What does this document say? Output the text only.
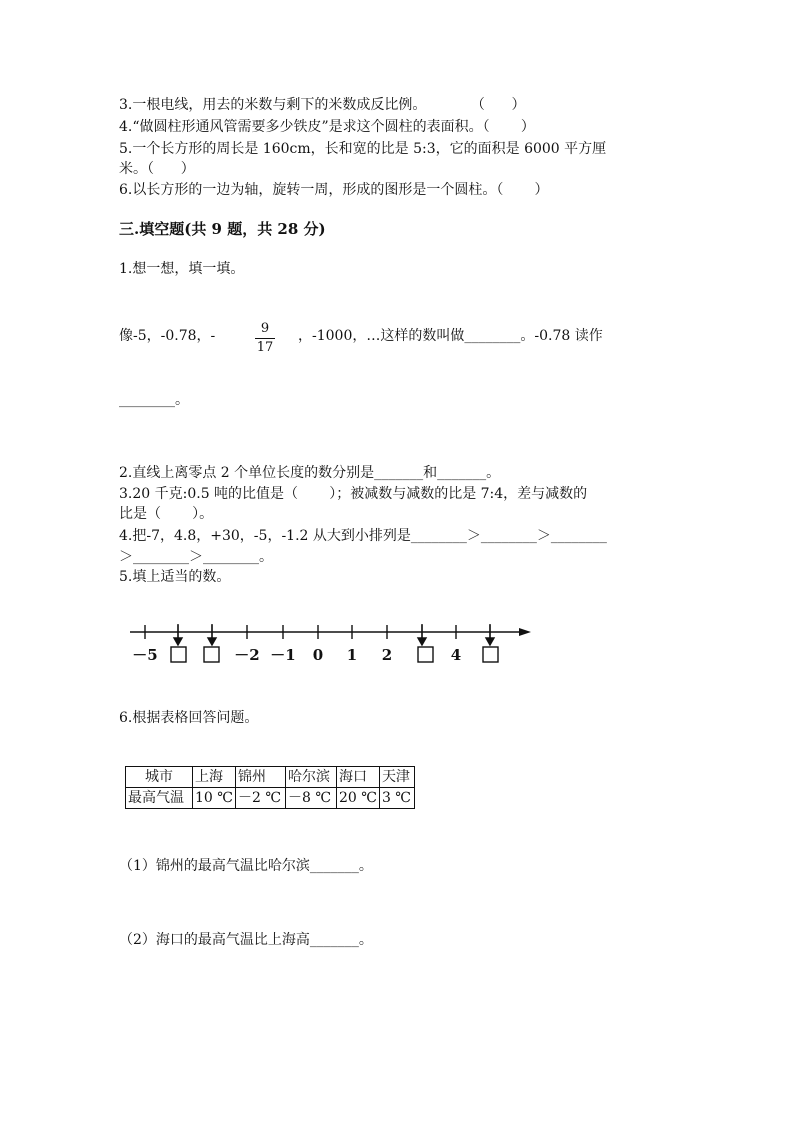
3.一根电线，用去的米数与剩下的米数成反比例。          （      ）
4.“做圆柱形通风管需要多少铁皮”是求这个圆柱的表面积。（       ）
5.一个长方形的周长是 160cm，长和宽的比是 5:3，它的面积是 6000 平方厘
米。（      ）
6.以长方形的一边为轴，旋转一周，形成的图形是一个圆柱。（       ）
三.填空题(共 9 题，共 28 分)
1.想一想，填一填。
像-5，-0.78，-	9
17
，-1000，…这样的数叫做________。-0.78 读作
________。
2.直线上离零点 2 个单位长度的数分别是_______和_______。
3.20 千克:0.5 吨的比值是（       ）；被减数与减数的比是 7:4，差与减数的
比是（       ）。
4.把-7，4.8，+30，-5，-1.2 从大到小排列是________＞________＞________
＞________＞________。
5.填上适当的数。
－5	－2 －1 0 1 2	4
6.根据表格回答问题。
城市	上海	锦州	哈尔滨	海口	天津
最高气温	10 ℃	－2 ℃	－8 ℃	20 ℃	3 ℃
（1）锦州的最高气温比哈尔滨_______。
（2）海口的最高气温比上海高_______。
